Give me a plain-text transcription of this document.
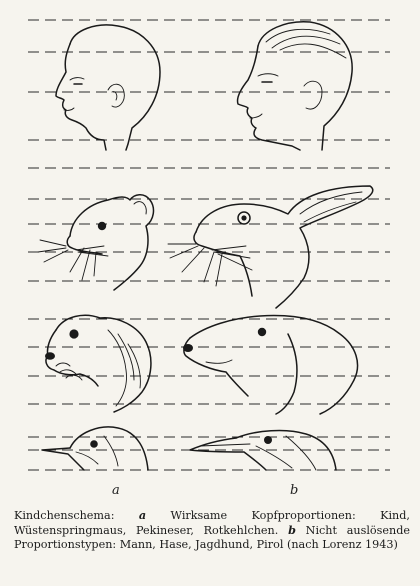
a	b
Kindchenschema: a Wirksame Kopfproportionen: Kind, Wüstenspringmaus, Pekineser, Rotkehlchen. b Nicht auslösende Proportionstypen: Mann, Hase, Jagdhund, Pirol (nach Lorenz 1943)
